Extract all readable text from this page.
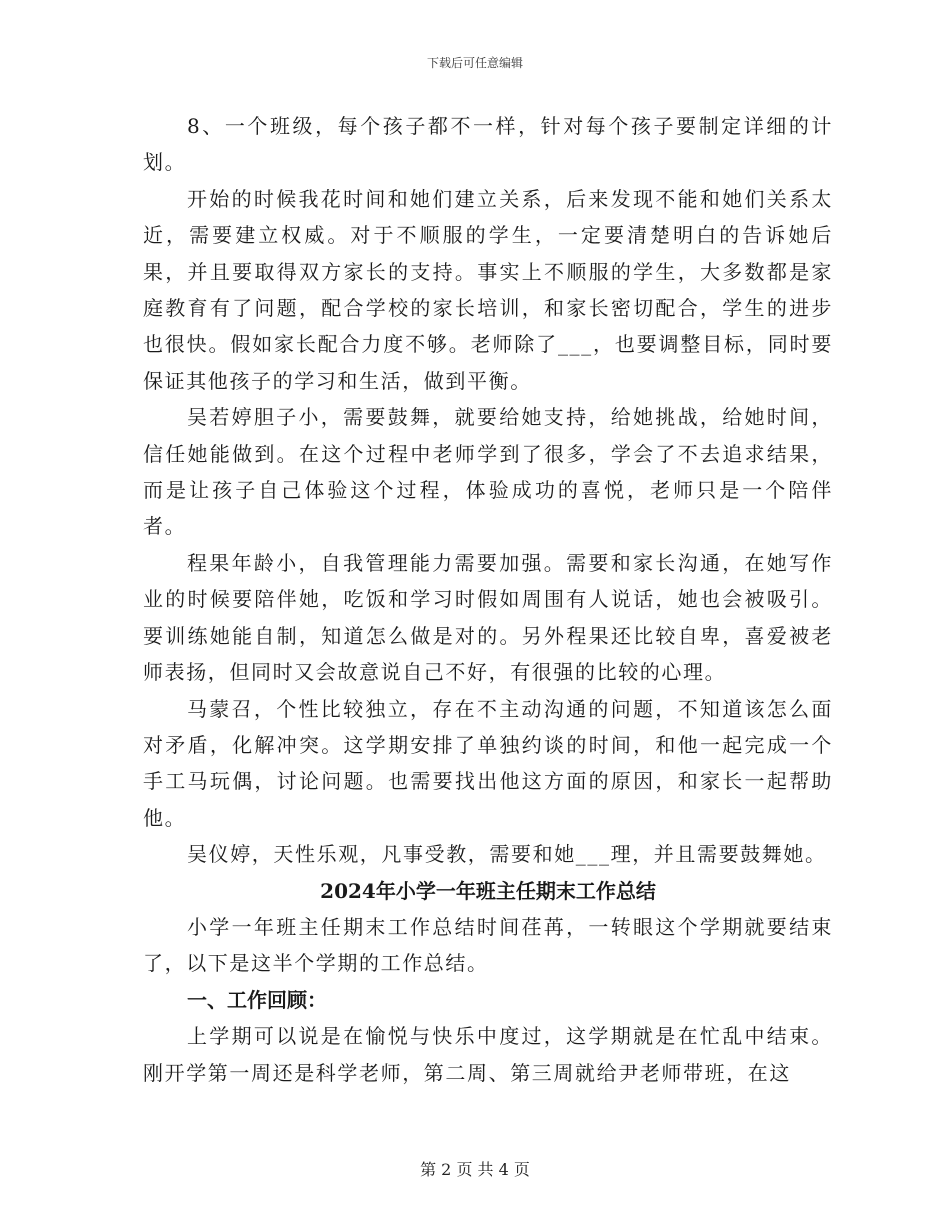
下载后可任意编辑

8、一个班级，每个孩子都不一样，针对每个孩子要制定详细的计划。

开始的时候我花时间和她们建立关系，后来发现不能和她们关系太近，需要建立权威。对于不顺服的学生，一定要清楚明白的告诉她后果，并且要取得双方家长的支持。事实上不顺服的学生，大多数都是家庭教育有了问题，配合学校的家长培训，和家长密切配合，学生的进步也很快。假如家长配合力度不够。老师除了___，也要调整目标，同时要保证其他孩子的学习和生活，做到平衡。

吴若婷胆子小，需要鼓舞，就要给她支持，给她挑战，给她时间，信任她能做到。在这个过程中老师学到了很多，学会了不去追求结果，而是让孩子自己体验这个过程，体验成功的喜悦，老师只是一个陪伴者。

程果年龄小，自我管理能力需要加强。需要和家长沟通，在她写作业的时候要陪伴她，吃饭和学习时假如周围有人说话，她也会被吸引。要训练她能自制，知道怎么做是对的。另外程果还比较自卑，喜爱被老师表扬，但同时又会故意说自己不好，有很强的比较的心理。

马蒙召，个性比较独立，存在不主动沟通的问题，不知道该怎么面对矛盾，化解冲突。这学期安排了单独约谈的时间，和他一起完成一个手工马玩偶，讨论问题。也需要找出他这方面的原因，和家长一起帮助他。

吴仪婷，天性乐观，凡事受教，需要和她___理，并且需要鼓舞她。

2024年小学一年班主任期末工作总结

小学一年班主任期末工作总结时间荏苒，一转眼这个学期就要结束了，以下是这半个学期的工作总结。

一、工作回顾：

上学期可以说是在愉悦与快乐中度过，这学期就是在忙乱中结束。刚开学第一周还是科学老师，第二周、第三周就给尹老师带班，在这

第 2 页 共 4 页
